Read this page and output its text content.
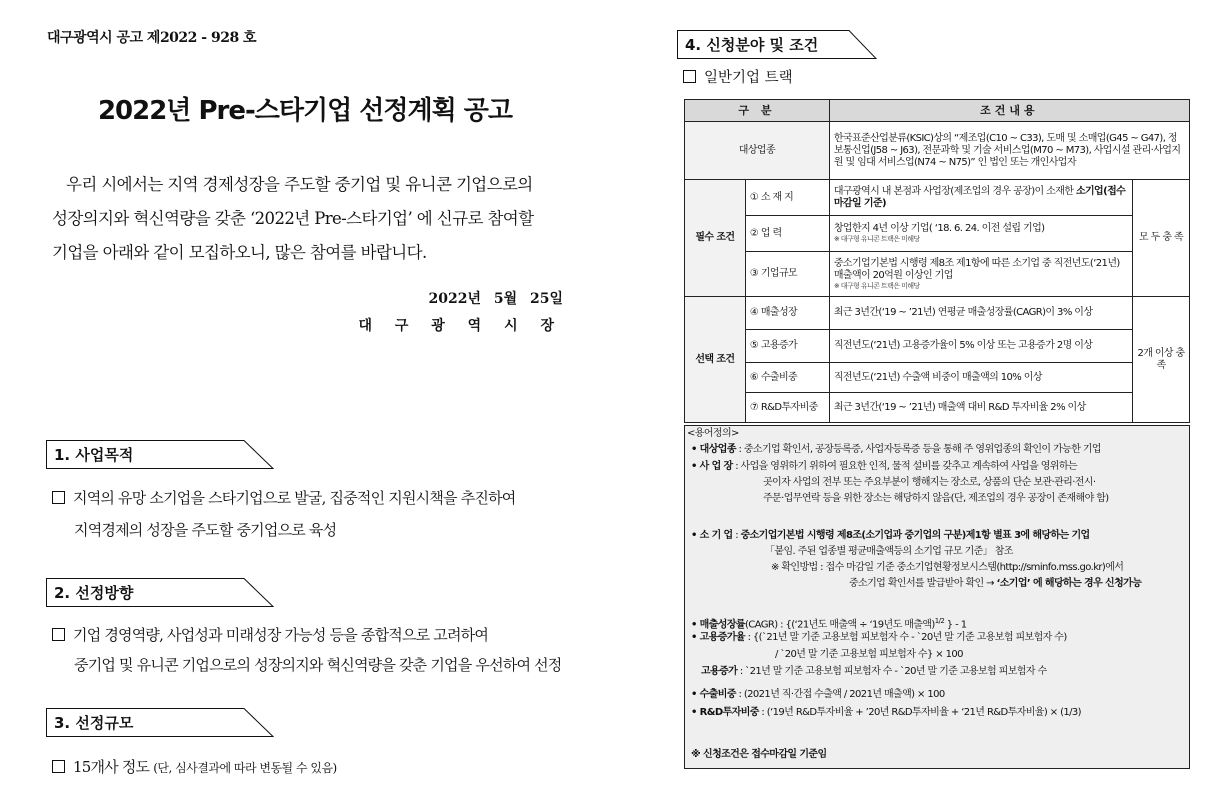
대구광역시 공고 제2022 - 928 호
2022년 Pre-스타기업 선정계획 공고
우리 시에서는 지역 경제성장을 주도할 중기업 및 유니콘 기업으로의
성장의지와 혁신역량을 갖춘 ‘2022년 Pre-스타기업’ 에 신규로 참여할
기업을 아래와 같이 모집하오니, 많은 참여를 바랍니다.
2022년 5월 25일
대 구 광 역 시 장
1. 사업목적
지역의 유망 소기업을 스타기업으로 발굴, 집중적인 지원시책을 추진하여
지역경제의 성장을 주도할 중기업으로 육성
2. 선정방향
기업 경영역량, 사업성과 미래성장 가능성 등을 종합적으로 고려하여
중기업 및 유니콘 기업으로의 성장의지와 혁신역량을 갖춘 기업을 우선하여 선정
3. 선정규모
15개사 정도 (단, 심사결과에 따라 변동될 수 있음)
4. 신청분야 및 조건
일반기업 트랙
구 분		조건내용	
대상업종		한국표준산업분류(KSIC)상의 “제조업(C10 ~ C33), 도매 및 소매업(G45 ~ G47), 정보통신업(J58 ~ J63), 전문과학 및 기술 서비스업(M70 ~ M73), 사업시설 관리·사업지원 및 임대 서비스업(N74 ~ N75)” 인 법인 또는 개인사업자	
필수 조건	① 소 재 지	대구광역시 내 본점과 사업장(제조업의 경우 공장)이 소재한 소기업(접수마감일 기준)	모 두 충 족
	② 업 력	창업한지 4년 이상 기업( ‘18. 6. 24. 이전 설립 기업)
※ 대구형 유니콘 트랙은 미해당	

	③ 기업규모	중소기업기본법 시행령 제8조 제1항에 따른 소기업 중 직전년도(‘21년) 매출액이 20억원 이상인 기업
※ 대구형 유니콘 트랙은 미해당	

선택 조건	④ 매출성장	최근 3년간(‘19 ~ ’21년) 연평균 매출성장률(CAGR)이 3% 이상	2개 이상 충 족
	⑤ 고용증가	직전년도(‘21년) 고용증가율이 5% 이상 또는 고용증가 2명 이상	
	⑥ 수출비중	직전년도(‘21년) 수출액 비중이 매출액의 10% 이상	
	⑦ R&D투자비중	최근 3년간(‘19 ~ ’21년) 매출액 대비 R&D 투자비율 2% 이상	
<용어정의>
• 대상업종 : 중소기업 확인서, 공장등록증, 사업자등록증 등을 통해 주 영위업종의 확인이 가능한 기업
• 사 업 장 : 사업을 영위하기 위하여 필요한 인적, 물적 설비를 갖추고 계속하여 사업을 영위하는
곳이자 사업의 전부 또는 주요부분이 행해지는 장소로, 상품의 단순 보관·관리·전시·
주문·업무연락 등을 위한 장소는 해당하지 않음(단, 제조업의 경우 공장이 존재해야 함)
• 소 기 업 : 중소기업기본법 시행령 제8조(소기업과 중기업의 구분)제1항 별표 3에 해당하는 기업
「붙임. 주된 업종별 평균매출액등의 소기업 규모 기준」 참조
※ 확인방법 : 접수 마감일 기준 중소기업현황정보시스템(http://sminfo.mss.go.kr)에서
중소기업 확인서를 발급받아 확인 → ‘소기업’ 에 해당하는 경우 신청가능
• 매출성장률(CAGR) : {(‘21년도 매출액 ÷ ‘19년도 매출액)$^{1/2}$ } - 1
• 고용증가율 : {(`21년 말 기준 고용보험 피보험자 수 - `20년 말 기준 고용보험 피보험자 수)
/ `20년 말 기준 고용보험 피보험자 수} × 100
고용증가 : `21년 말 기준 고용보험 피보험자 수 - `20년 말 기준 고용보험 피보험자 수
• 수출비중 : (2021년 직·간접 수출액 / 2021년 매출액) × 100
• R&D투자비중 : (‘19년 R&D투자비율 + ’20년 R&D투자비율 + ‘21년 R&D투자비율) × (1/3)
※ 신청조건은 접수마감일 기준임
